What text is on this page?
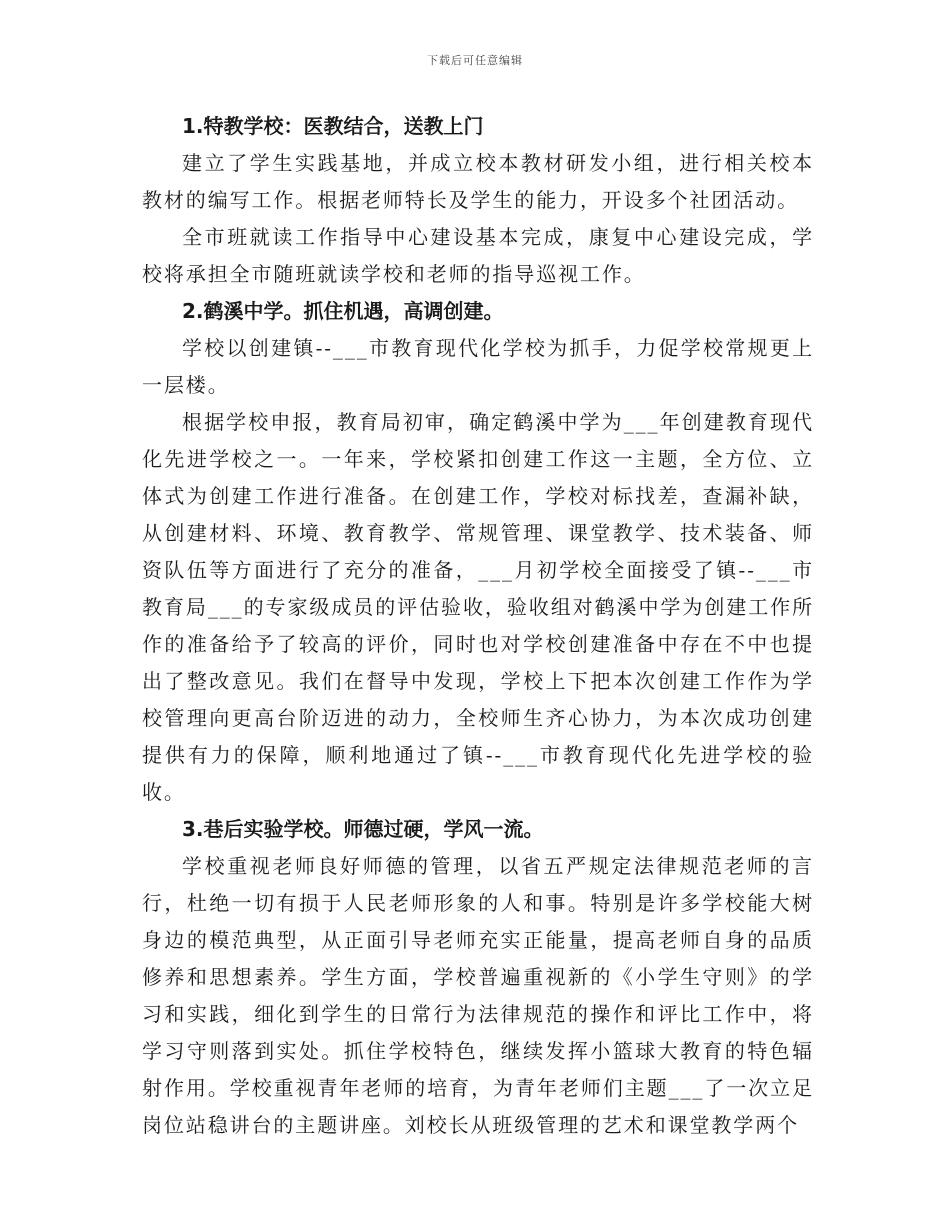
下载后可任意编辑

1.特教学校：医教结合，送教上门

建立了学生实践基地，并成立校本教材研发小组，进行相关校本教材的编写工作。根据老师特长及学生的能力，开设多个社团活动。

全市班就读工作指导中心建设基本完成，康复中心建设完成，学校将承担全市随班就读学校和老师的指导巡视工作。

2.鹤溪中学。抓住机遇，高调创建。

学校以创建镇--___市教育现代化学校为抓手，力促学校常规更上一层楼。

根据学校申报，教育局初审，确定鹤溪中学为___年创建教育现代化先进学校之一。一年来，学校紧扣创建工作这一主题，全方位、立体式为创建工作进行准备。在创建工作，学校对标找差，查漏补缺，从创建材料、环境、教育教学、常规管理、课堂教学、技术装备、师资队伍等方面进行了充分的准备，___月初学校全面接受了镇--___市教育局___的专家级成员的评估验收，验收组对鹤溪中学为创建工作所作的准备给予了较高的评价，同时也对学校创建准备中存在不中也提出了整改意见。我们在督导中发现，学校上下把本次创建工作作为学校管理向更高台阶迈进的动力，全校师生齐心协力，为本次成功创建提供有力的保障，顺利地通过了镇--___市教育现代化先进学校的验收。

3.巷后实验学校。师德过硬，学风一流。

学校重视老师良好师德的管理，以省五严规定法律规范老师的言行，杜绝一切有损于人民老师形象的人和事。特别是许多学校能大树身边的模范典型，从正面引导老师充实正能量，提高老师自身的品质修养和思想素养。学生方面，学校普遍重视新的《小学生守则》的学习和实践，细化到学生的日常行为法律规范的操作和评比工作中，将学习守则落到实处。抓住学校特色，继续发挥小篮球大教育的特色辐射作用。学校重视青年老师的培育，为青年老师们主题___了一次立足岗位站稳讲台的主题讲座。刘校长从班级管理的艺术和课堂教学两个
